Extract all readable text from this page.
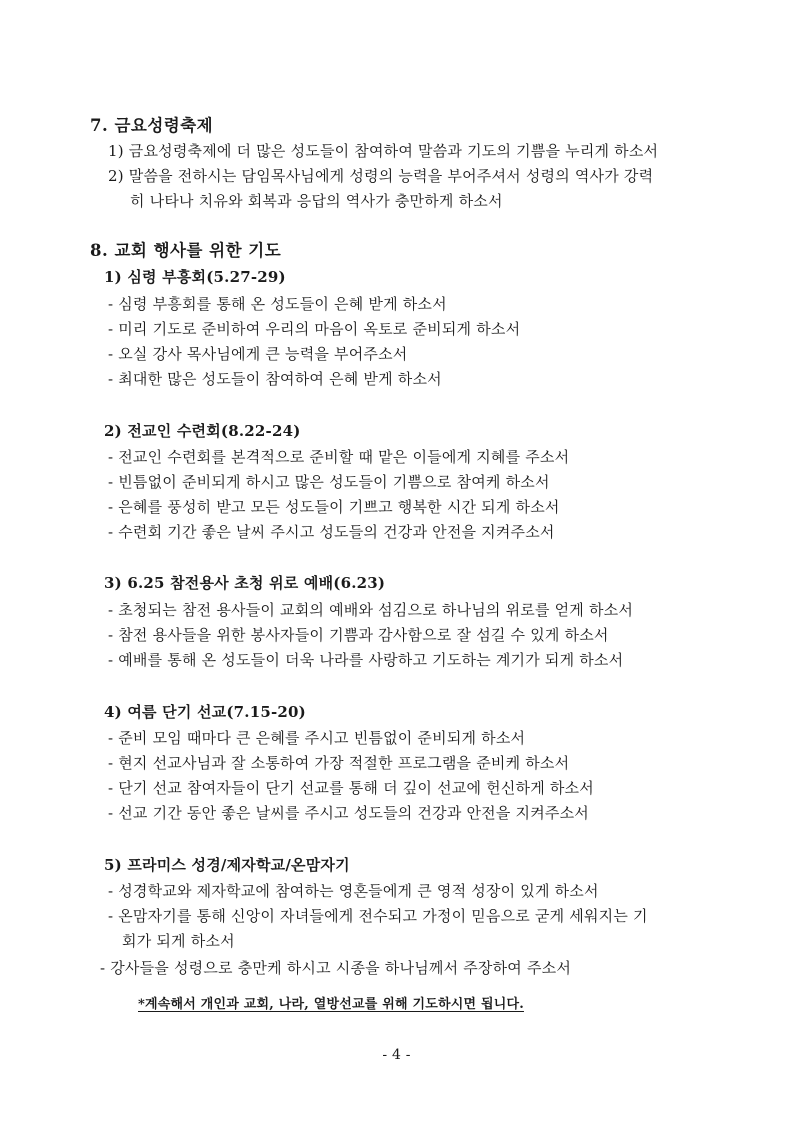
7. 금요성령축제
1) 금요성령축제에 더 많은 성도들이 참여하여 말씀과 기도의 기쁨을 누리게 하소서
2) 말씀을 전하시는 담임목사님에게 성령의 능력을 부어주셔서 성령의 역사가 강력
히 나타나 치유와 회복과 응답의 역사가 충만하게 하소서
8. 교회 행사를 위한 기도
1) 심령 부흥회(5.27-29)
- 심령 부흥회를 통해 온 성도들이 은혜 받게 하소서
- 미리 기도로 준비하여 우리의 마음이 옥토로 준비되게 하소서
- 오실 강사 목사님에게 큰 능력을 부어주소서
- 최대한 많은 성도들이 참여하여 은혜 받게 하소서
2) 전교인 수련회(8.22-24)
- 전교인 수련회를 본격적으로 준비할 때 맡은 이들에게 지혜를 주소서
- 빈틈없이 준비되게 하시고 많은 성도들이 기쁨으로 참여케 하소서
- 은혜를 풍성히 받고 모든 성도들이 기쁘고 행복한 시간 되게 하소서
- 수련회 기간 좋은 날씨 주시고 성도들의 건강과 안전을 지켜주소서
3) 6.25 참전용사 초청 위로 예배(6.23)
- 초청되는 참전 용사들이 교회의 예배와 섬김으로 하나님의 위로를 얻게 하소서
- 참전 용사들을 위한 봉사자들이 기쁨과 감사함으로 잘 섬길 수 있게 하소서
- 예배를 통해 온 성도들이 더욱 나라를 사랑하고 기도하는 계기가 되게 하소서
4) 여름 단기 선교(7.15-20)
- 준비 모임 때마다 큰 은혜를 주시고 빈틈없이 준비되게 하소서
- 현지 선교사님과 잘 소통하여 가장 적절한 프로그램을 준비케 하소서
- 단기 선교 참여자들이 단기 선교를 통해 더 깊이 선교에 헌신하게 하소서
- 선교 기간 동안 좋은 날씨를 주시고 성도들의 건강과 안전을 지켜주소서
5) 프라미스 성경/제자학교/온맘자기
- 성경학교와 제자학교에 참여하는 영혼들에게 큰 영적 성장이 있게 하소서
- 온맘자기를 통해 신앙이 자녀들에게 전수되고 가정이 믿음으로 굳게 세워지는 기
회가 되게 하소서
- 강사들을 성령으로 충만케 하시고 시종을 하나님께서 주장하여 주소서
*계속해서 개인과 교회, 나라, 열방선교를 위해 기도하시면 됩니다.
- 4 -
